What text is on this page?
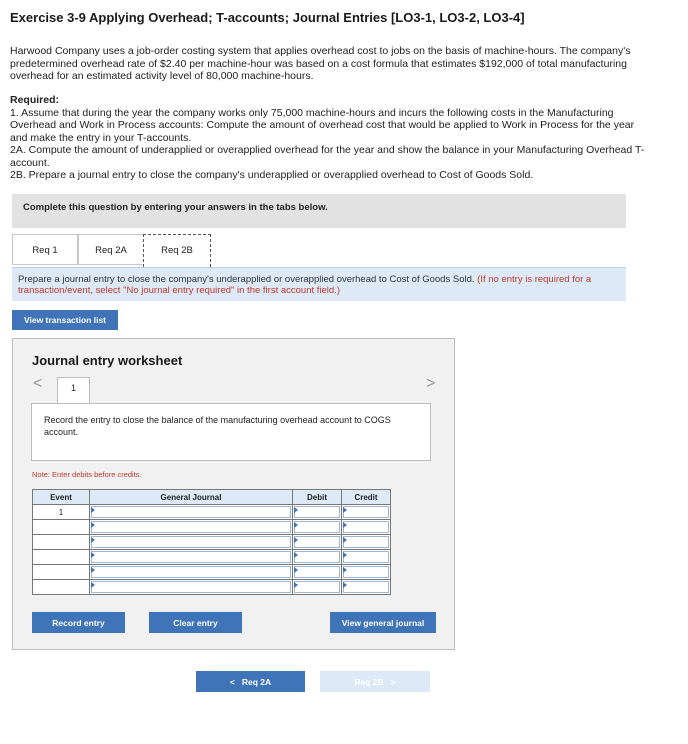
Exercise 3-9 Applying Overhead; T-accounts; Journal Entries [LO3-1, LO3-2, LO3-4]
Harwood Company uses a job-order costing system that applies overhead cost to jobs on the basis of machine-hours. The company's predetermined overhead rate of $2.40 per machine-hour was based on a cost formula that estimates $192,000 of total manufacturing overhead for an estimated activity level of 80,000 machine-hours.
Required:
1. Assume that during the year the company works only 75,000 machine-hours and incurs the following costs in the Manufacturing Overhead and Work in Process accounts: Compute the amount of overhead cost that would be applied to Work in Process for the year and make the entry in your T-accounts.
2A. Compute the amount of underapplied or overapplied overhead for the year and show the balance in your Manufacturing Overhead T-account.
2B. Prepare a journal entry to close the company's underapplied or overapplied overhead to Cost of Goods Sold.
Complete this question by entering your answers in the tabs below.
Req 1	Req 2A	Req 2B
Prepare a journal entry to close the company's underapplied or overapplied overhead to Cost of Goods Sold. (If no entry is required for a transaction/event, select "No journal entry required" in the first account field.)
View transaction list
Journal entry worksheet
<	1	>
Record the entry to close the balance of the manufacturing overhead account to COGS account.
Note: Enter debits before credits.
Event	General Journal	Debit	Credit
1	

Record entry	Clear entry	View general journal
< Req 2A	Req 2B >
